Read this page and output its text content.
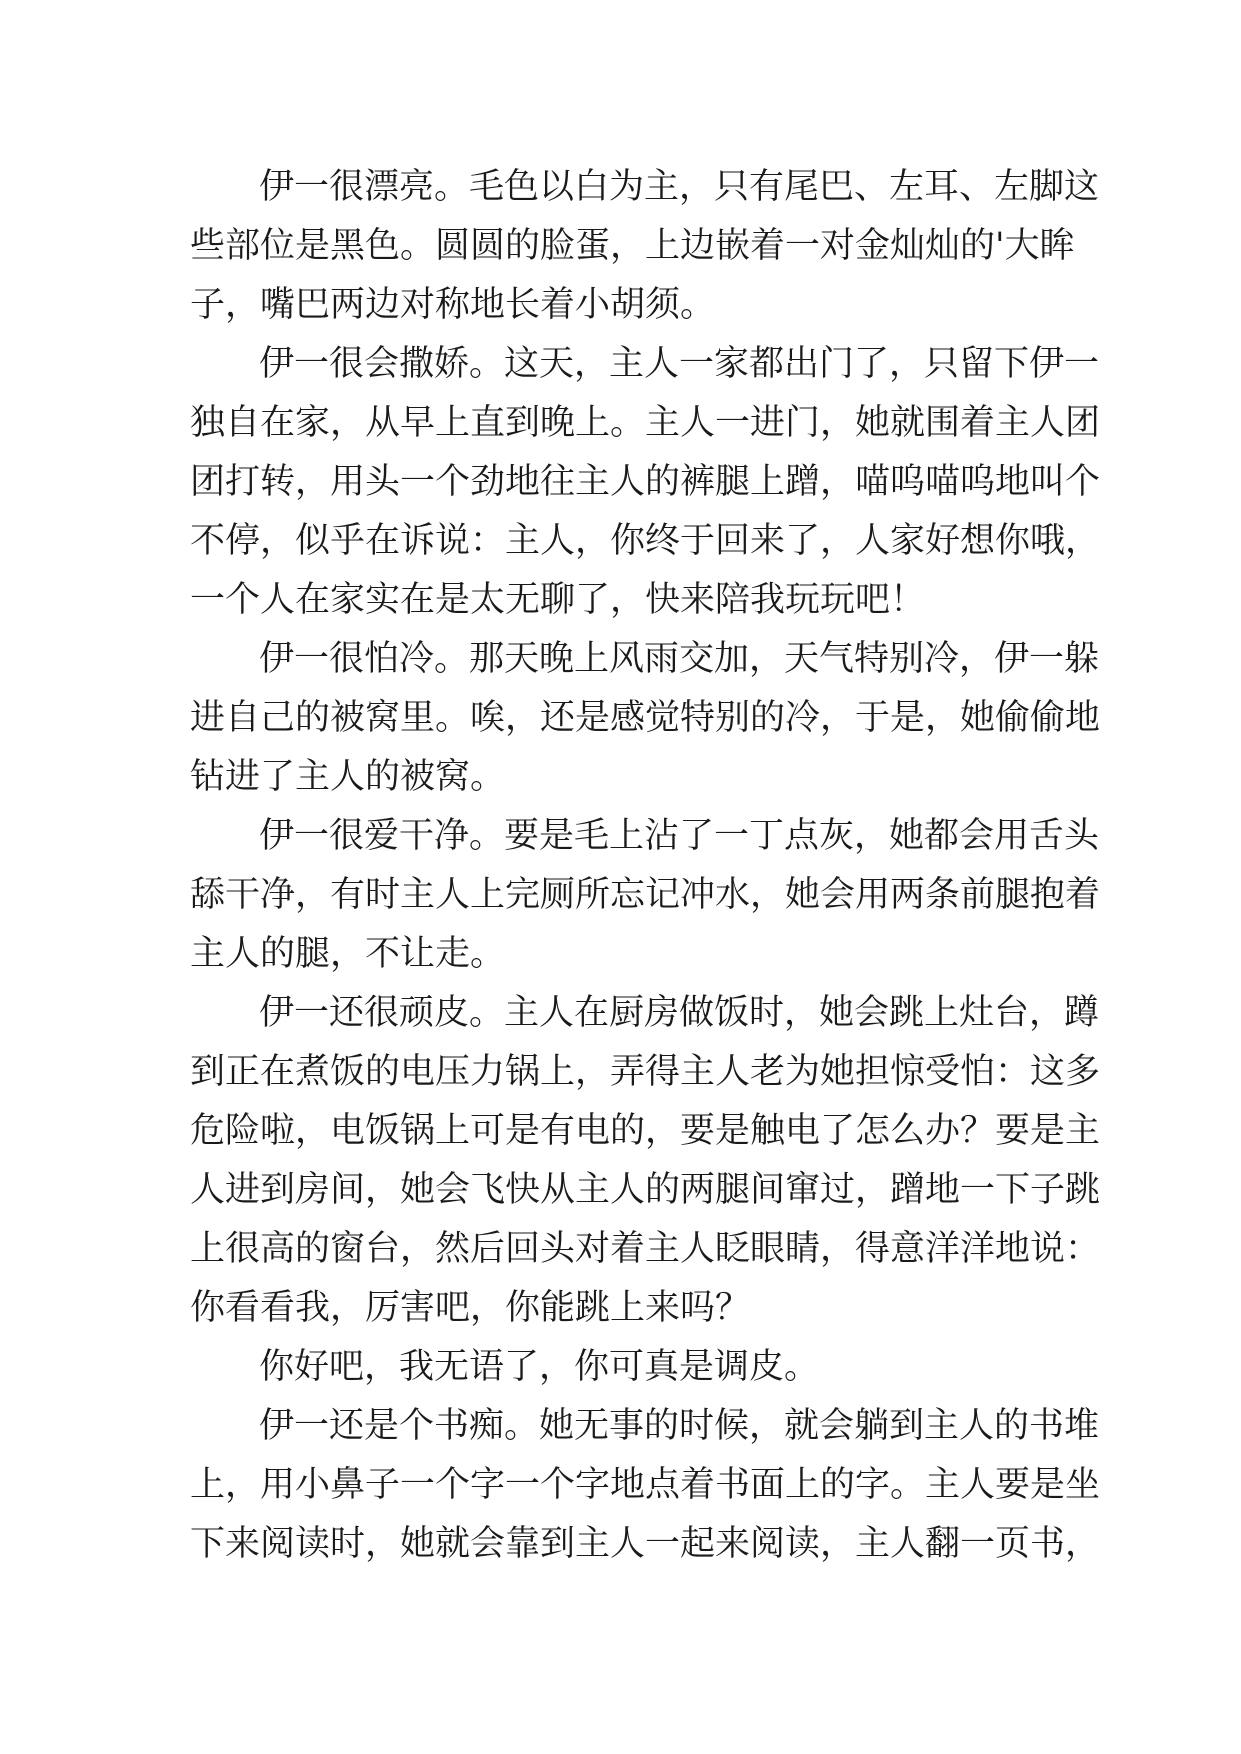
伊一很漂亮。毛色以白为主，只有尾巴、左耳、左脚这
些部位是黑色。圆圆的脸蛋，上边嵌着一对金灿灿的'大眸
子，嘴巴两边对称地长着小胡须。
伊一很会撒娇。这天，主人一家都出门了，只留下伊一
独自在家，从早上直到晚上。主人一进门，她就围着主人团
团打转，用头一个劲地往主人的裤腿上蹭，喵呜喵呜地叫个
不停，似乎在诉说：主人，你终于回来了，人家好想你哦，
一个人在家实在是太无聊了，快来陪我玩玩吧！
伊一很怕冷。那天晚上风雨交加，天气特别冷，伊一躲
进自己的被窝里。唉，还是感觉特别的冷，于是，她偷偷地
钻进了主人的被窝。
伊一很爱干净。要是毛上沾了一丁点灰，她都会用舌头
舔干净，有时主人上完厕所忘记冲水，她会用两条前腿抱着
主人的腿，不让走。
伊一还很顽皮。主人在厨房做饭时，她会跳上灶台，蹲
到正在煮饭的电压力锅上，弄得主人老为她担惊受怕：这多
危险啦，电饭锅上可是有电的，要是触电了怎么办？要是主
人进到房间，她会飞快从主人的两腿间窜过，蹭地一下子跳
上很高的窗台，然后回头对着主人眨眼睛，得意洋洋地说：
你看看我，厉害吧，你能跳上来吗？
你好吧，我无语了，你可真是调皮。
伊一还是个书痴。她无事的时候，就会躺到主人的书堆
上，用小鼻子一个字一个字地点着书面上的字。主人要是坐
下来阅读时，她就会靠到主人一起来阅读，主人翻一页书，
